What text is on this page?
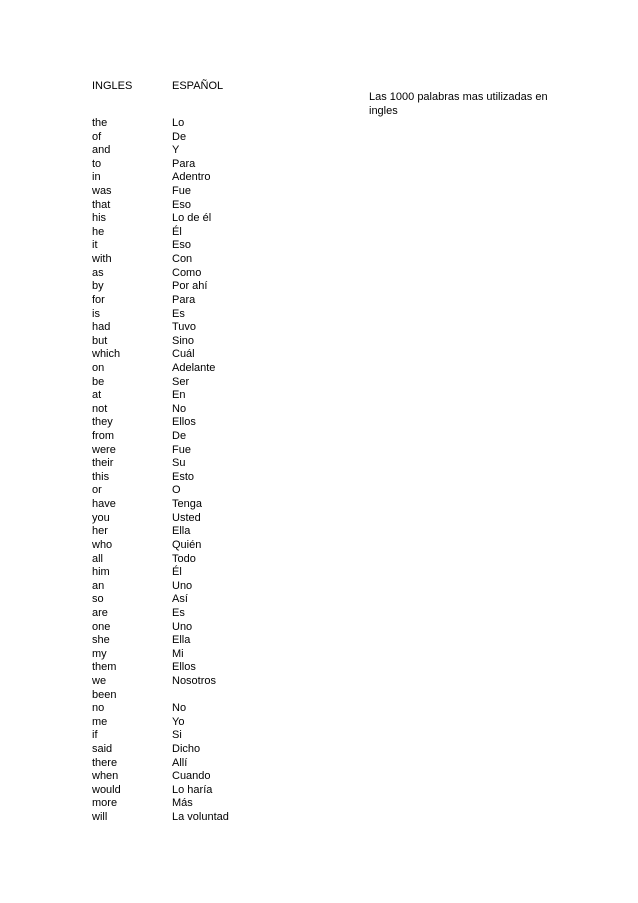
INGLES	ESPAÑOL
Las 1000 palabras mas utilizadas en ingles
the	Lo
of	De
and	Y
to	Para
in	Adentro
was	Fue
that	Eso
his	Lo de él
he	Él
it	Eso
with	Con
as	Como
by	Por ahí
for	Para
is	Es
had	Tuvo
but	Sino
which	Cuál
on	Adelante
be	Ser
at	En
not	No
they	Ellos
from	De
were	Fue
their	Su
this	Esto
or	O
have	Tenga
you	Usted
her	Ella
who	Quién
all	Todo
him	Él
an	Uno
so	Así
are	Es
one	Uno
she	Ella
my	Mi
them	Ellos
we	Nosotros
been
no	No
me	Yo
if	Si
said	Dicho
there	Allí
when	Cuando
would	Lo haría
more	Más
will	La voluntad
